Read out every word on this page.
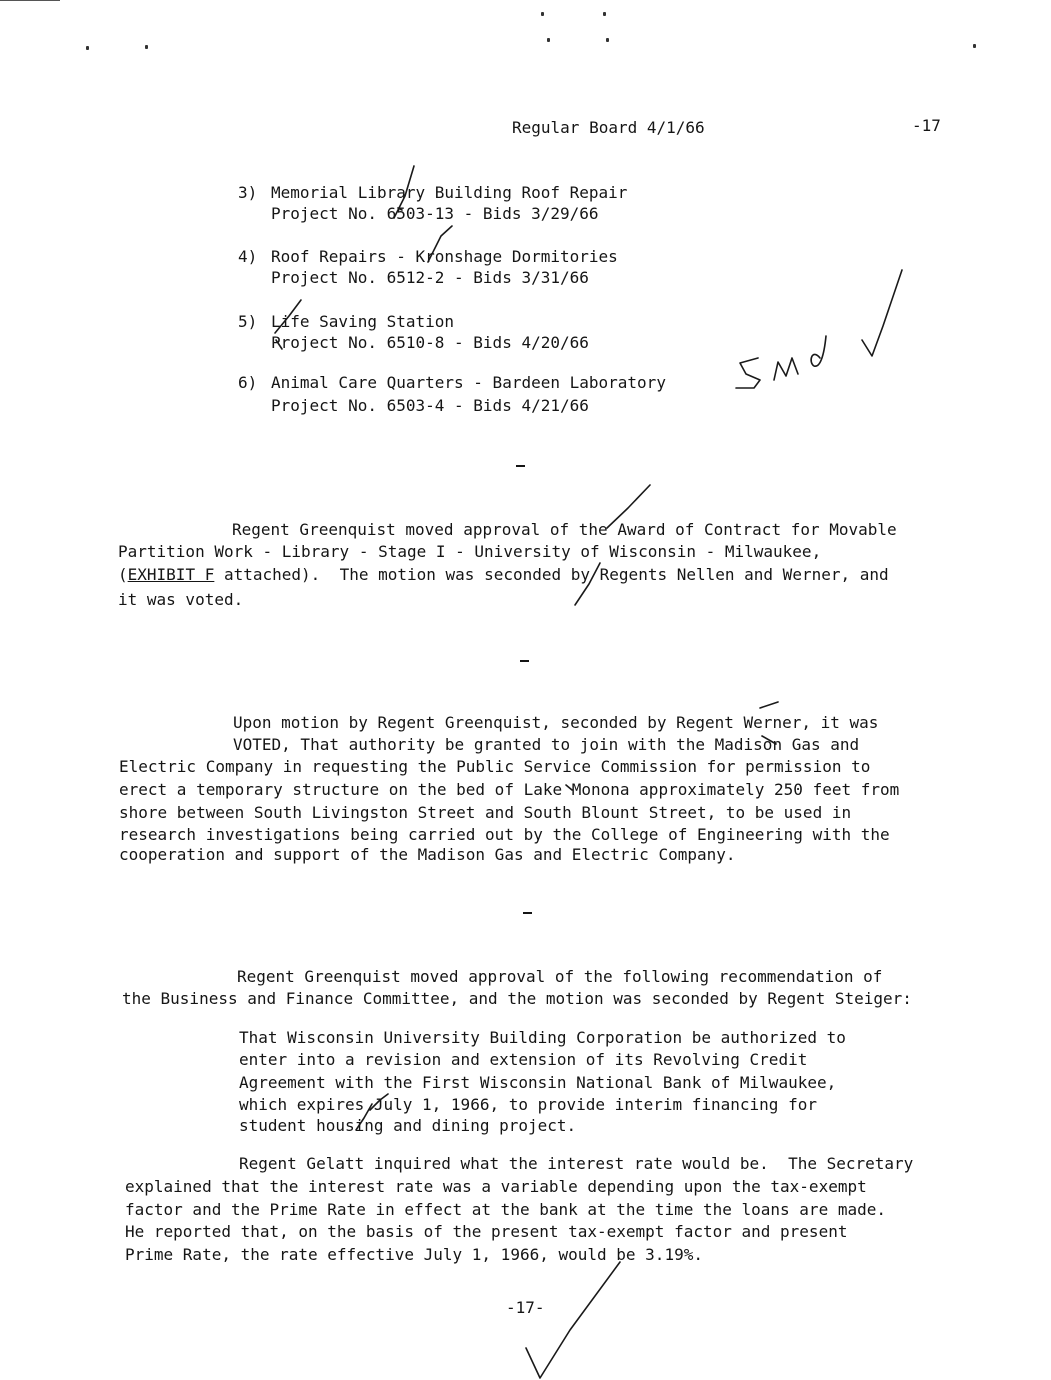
Regular Board 4/1/66	-17
3) Memorial Library Building Roof Repair
Project No. 6503-13 - Bids 3/29/66
4) Roof Repairs - Kronshage Dormitories
Project No. 6512-2 - Bids 3/31/66
5) Life Saving Station
Project No. 6510-8 - Bids 4/20/66
6) Animal Care Quarters - Bardeen Laboratory
Project No. 6503-4 - Bids 4/21/66
Regent Greenquist moved approval of the Award of Contract for Movable
Partition Work - Library - Stage I - University of Wisconsin - Milwaukee,
(EXHIBIT F attached).  The motion was seconded by Regents Nellen and Werner, and
it was voted.
Upon motion by Regent Greenquist, seconded by Regent Werner, it was
VOTED, That authority be granted to join with the Madison Gas and
Electric Company in requesting the Public Service Commission for permission to
erect a temporary structure on the bed of Lake Monona approximately 250 feet from
shore between South Livingston Street and South Blount Street, to be used in
research investigations being carried out by the College of Engineering with the
cooperation and support of the Madison Gas and Electric Company.
Regent Greenquist moved approval of the following recommendation of
the Business and Finance Committee, and the motion was seconded by Regent Steiger:
That Wisconsin University Building Corporation be authorized to
enter into a revision and extension of its Revolving Credit
Agreement with the First Wisconsin National Bank of Milwaukee,
which expires July 1, 1966, to provide interim financing for
student housing and dining project.
Regent Gelatt inquired what the interest rate would be.  The Secretary
explained that the interest rate was a variable depending upon the tax-exempt
factor and the Prime Rate in effect at the bank at the time the loans are made.
He reported that, on the basis of the present tax-exempt factor and present
Prime Rate, the rate effective July 1, 1966, would be 3.19%.
-17-
